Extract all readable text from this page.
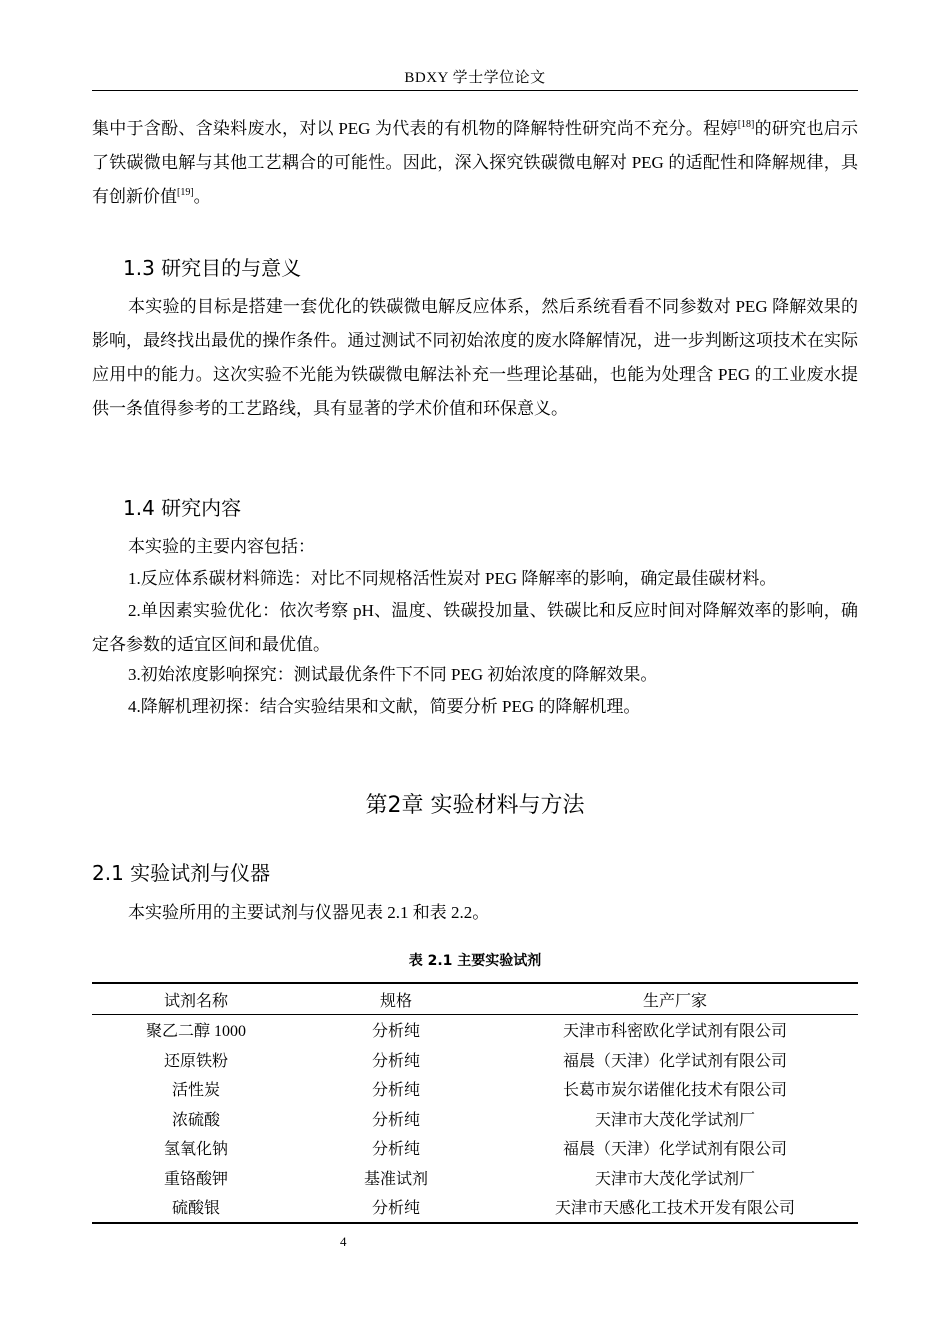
BDXY 学士学位论文

集中于含酚、含染料废水，对以 PEG 为代表的有机物的降解特性研究尚不充分。程婷[18]的研究也启示了铁碳微电解与其他工艺耦合的可能性。因此，深入探究铁碳微电解对 PEG 的适配性和降解规律，具有创新价值[19]。

1.3 研究目的与意义

本实验的目标是搭建一套优化的铁碳微电解反应体系，然后系统看看不同参数对 PEG 降解效果的影响，最终找出最优的操作条件。通过测试不同初始浓度的废水降解情况，进一步判断这项技术在实际应用中的能力。这次实验不光能为铁碳微电解法补充一些理论基础，也能为处理含 PEG 的工业废水提供一条值得参考的工艺路线，具有显著的学术价值和环保意义。

1.4 研究内容

本实验的主要内容包括：

1.反应体系碳材料筛选：对比不同规格活性炭对 PEG 降解率的影响，确定最佳碳材料。

2.单因素实验优化：依次考察 pH、温度、铁碳投加量、铁碳比和反应时间对降解效率的影响，确定各参数的适宜区间和最优值。

3.初始浓度影响探究：测试最优条件下不同 PEG 初始浓度的降解效果。

4.降解机理初探：结合实验结果和文献，简要分析 PEG 的降解机理。

第2章 实验材料与方法
2.1 实验试剂与仪器

本实验所用的主要试剂与仪器见表 2.1 和表 2.2。

表 2.1 主要实验试剂
试剂名称	规格	生产厂家
聚乙二醇 1000	分析纯	天津市科密欧化学试剂有限公司
还原铁粉	分析纯	福晨（天津）化学试剂有限公司
活性炭	分析纯	长葛市炭尔诺催化技术有限公司
浓硫酸	分析纯	天津市大茂化学试剂厂
氢氧化钠	分析纯	福晨（天津）化学试剂有限公司
重铬酸钾	基准试剂	天津市大茂化学试剂厂
硫酸银	分析纯	天津市天感化工技术开发有限公司
4
